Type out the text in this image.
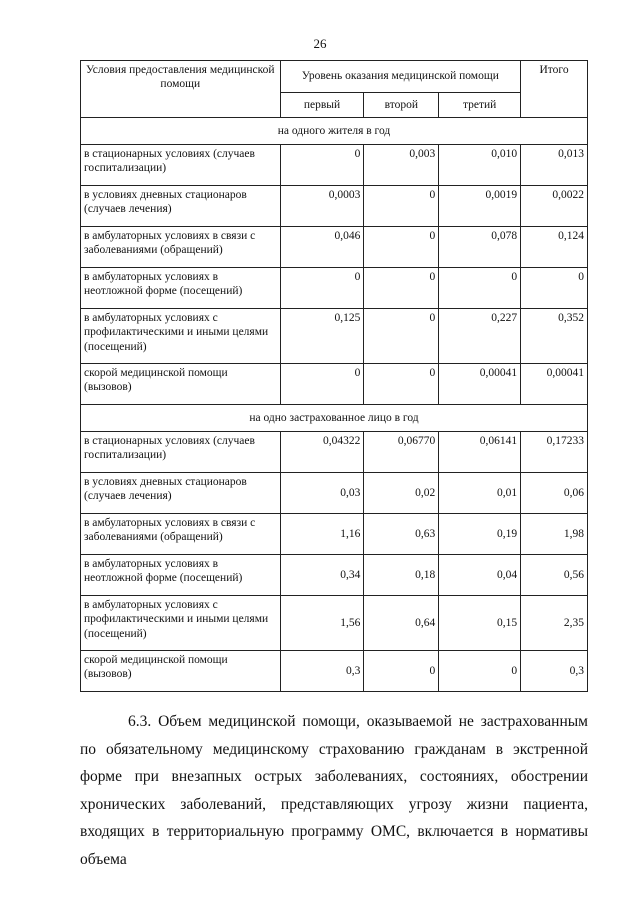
26
Условия предоставления медицинской помощи	Уровень оказания медицинской помощи			Итого
	первый	второй	третий	
на одного жителя в год				
в стационарных условиях (случаев госпитализации)	0	0,003	0,010	0,013
в условиях дневных стационаров (случаев лечения)	0,0003	0	0,0019	0,0022
в амбулаторных условиях в связи с заболеваниями (обращений)	0,046	0	0,078	0,124
в амбулаторных условиях в неотложной форме (посещений)	0	0	0	0
в амбулаторных условиях с профилактическими и иными целями (посещений)	0,125	0	0,227	0,352
скорой медицинской помощи (вызовов)	0	0	0,00041	0,00041
на одно застрахованное лицо в год				
в стационарных условиях (случаев госпитализации)	0,04322	0,06770	0,06141	0,17233
в условиях дневных стационаров (случаев лечения)	0,03	0,02	0,01	0,06
в амбулаторных условиях в связи с заболеваниями (обращений)	1,16	0,63	0,19	1,98
в амбулаторных условиях в неотложной форме (посещений)	0,34	0,18	0,04	0,56
в амбулаторных условиях с профилактическими и иными целями (посещений)	1,56	0,64	0,15	2,35
скорой медицинской помощи (вызовов)	0,3	0	0	0,3

6.3. Объем медицинской помощи, оказываемой не застрахованным по обязательному медицинскому страхованию гражданам в экстренной форме при внезапных острых заболеваниях, состояниях, обострении хронических заболеваний, представляющих угрозу жизни пациента, входящих в территориальную программу ОМС, включается в нормативы объема
